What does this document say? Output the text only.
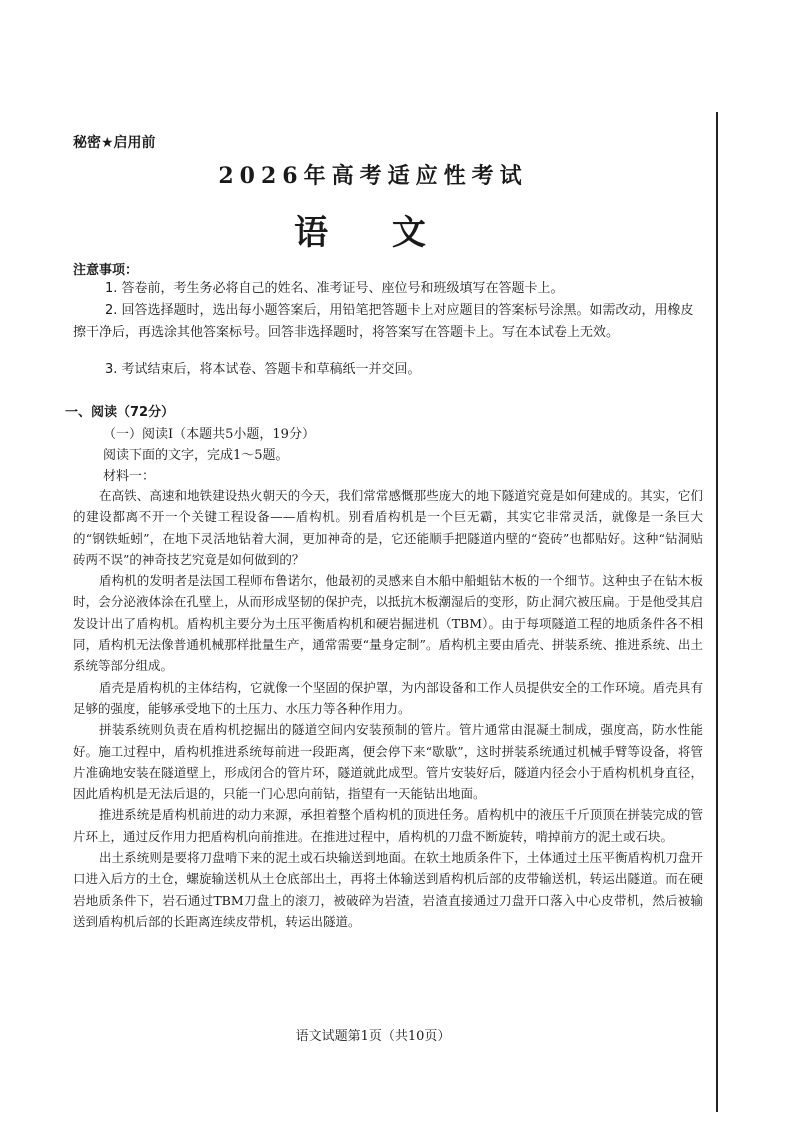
秘密★启用前
2026年高考适应性考试
语 文
注意事项：
1. 答卷前，考生务必将自己的姓名、准考证号、座位号和班级填写在答题卡上。
2. 回答选择题时，选出每小题答案后，用铅笔把答题卡上对应题目的答案标号涂黑。如需改动，用橡皮擦干净后，再选涂其他答案标号。回答非选择题时，将答案写在答题卡上。写在本试卷上无效。
3. 考试结束后，将本试卷、答题卡和草稿纸一并交回。
一、阅读（72分）
（一）阅读Ⅰ（本题共5小题，19分）
阅读下面的文字，完成1～5题。
材料一：

在高铁、高速和地铁建设热火朝天的今天，我们常常感慨那些庞大的地下隧道究竟是如何建成的。其实，它们的建设都离不开一个关键工程设备——盾构机。别看盾构机是一个巨无霸，其实它非常灵活，就像是一条巨大的“钢铁蚯蚓”，在地下灵活地钻着大洞，更加神奇的是，它还能顺手把隧道内壁的“瓷砖”也都贴好。这种“钻洞贴砖两不误”的神奇技艺究竟是如何做到的？

盾构机的发明者是法国工程师布鲁诺尔，他最初的灵感来自木船中船蛆钻木板的一个细节。这种虫子在钻木板时，会分泌液体涂在孔壁上，从而形成坚韧的保护壳，以抵抗木板潮湿后的变形，防止洞穴被压扁。于是他受其启发设计出了盾构机。盾构机主要分为土压平衡盾构机和硬岩掘进机（TBM）。由于每项隧道工程的地质条件各不相同，盾构机无法像普通机械那样批量生产，通常需要“量身定制”。盾构机主要由盾壳、拼装系统、推进系统、出土系统等部分组成。

盾壳是盾构机的主体结构，它就像一个坚固的保护罩，为内部设备和工作人员提供安全的工作环境。盾壳具有足够的强度，能够承受地下的土压力、水压力等各种作用力。

拼装系统则负责在盾构机挖掘出的隧道空间内安装预制的管片。管片通常由混凝土制成，强度高，防水性能好。施工过程中，盾构机推进系统每前进一段距离，便会停下来“歇歇”，这时拼装系统通过机械手臂等设备，将管片准确地安装在隧道壁上，形成闭合的管片环，隧道就此成型。管片安装好后，隧道内径会小于盾构机机身直径，因此盾构机是无法后退的，只能一门心思向前钻，指望有一天能钻出地面。

推进系统是盾构机前进的动力来源，承担着整个盾构机的顶进任务。盾构机中的液压千斤顶顶在拼装完成的管片环上，通过反作用力把盾构机向前推进。在推进过程中，盾构机的刀盘不断旋转，啃掉前方的泥土或石块。

出土系统则是要将刀盘啃下来的泥土或石块输送到地面。在软土地质条件下，土体通过土压平衡盾构机刀盘开口进入后方的土仓，螺旋输送机从土仓底部出土，再将土体输送到盾构机后部的皮带输送机，转运出隧道。而在硬岩地质条件下，岩石通过TBM刀盘上的滚刀，被破碎为岩渣，岩渣直接通过刀盘开口落入中心皮带机，然后被输送到盾构机后部的长距离连续皮带机，转运出隧道。

语文试题第1页（共10页）
